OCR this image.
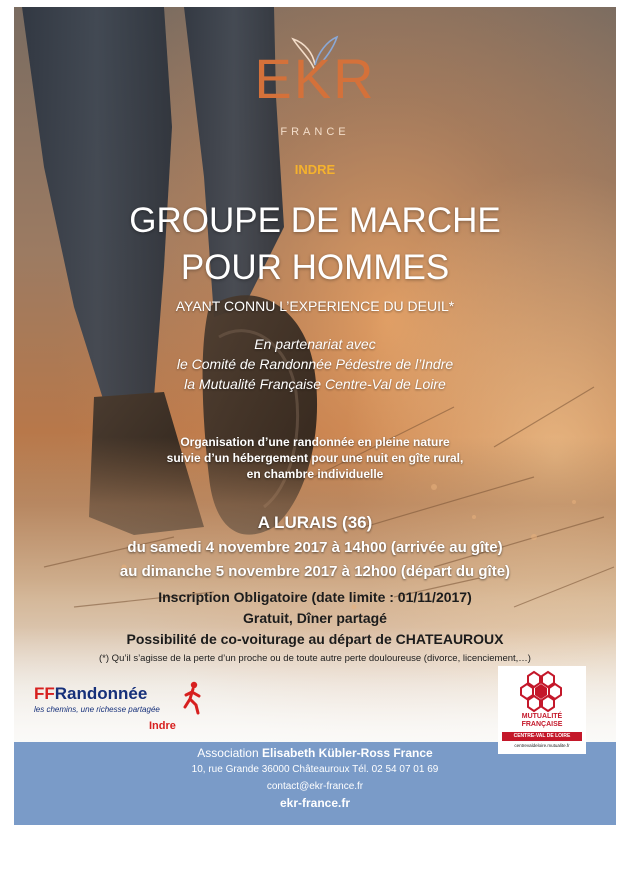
EKR
FRANCE
INDRE
GROUPE DE MARCHE
POUR HOMMES
AYANT CONNU L’EXPERIENCE DU DEUIL*
En partenariat avec
le Comité de Randonnée Pédestre de l’Indre
la Mutualité Française Centre-Val de Loire
Organisation d’une randonnée en pleine nature
suivie d’un hébergement pour une nuit en gîte rural,
en chambre individuelle
A LURAIS (36)
du samedi 4 novembre 2017 à 14h00 (arrivée au gîte)
au dimanche 5 novembre 2017 à 12h00 (départ du gîte)
Inscription Obligatoire (date limite : 01/11/2017)
Gratuit, Dîner partagé
Possibilité de co-voiturage au départ de CHATEAUROUX
(*) Qu’il s’agisse de la perte d’un proche ou de toute autre perte douloureuse (divorce, licenciement,…)
FFRandonnée
les chemins, une richesse partagée
Indre
MUTUALITÉ
FRANÇAISE
CENTRE-VAL DE LOIRE
centrevaldeloire.mutualite.fr
Association Elisabeth Kübler-Ross France
10, rue Grande 36000 Châteauroux Tél. 02 54 07 01 69
contact@ekr-france.fr
ekr-france.fr
